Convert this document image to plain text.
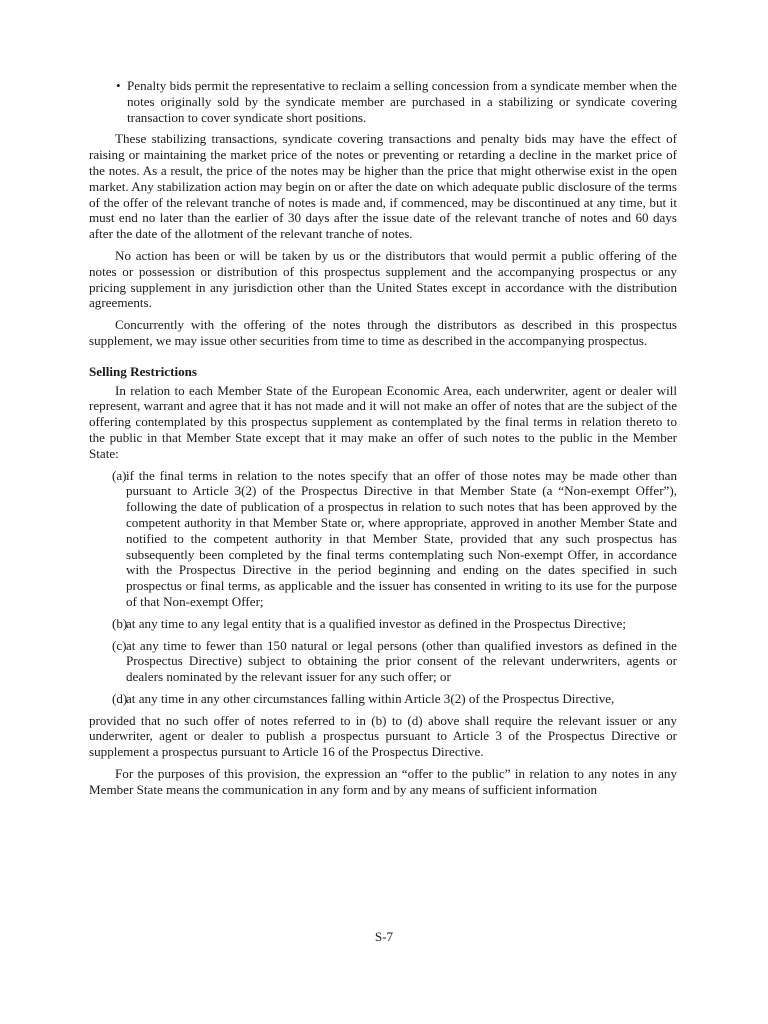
• Penalty bids permit the representative to reclaim a selling concession from a syndicate member when the notes originally sold by the syndicate member are purchased in a stabilizing or syndicate covering transaction to cover syndicate short positions.

These stabilizing transactions, syndicate covering transactions and penalty bids may have the effect of raising or maintaining the market price of the notes or preventing or retarding a decline in the market price of the notes. As a result, the price of the notes may be higher than the price that might otherwise exist in the open market. Any stabilization action may begin on or after the date on which adequate public disclosure of the terms of the offer of the relevant tranche of notes is made and, if commenced, may be discontinued at any time, but it must end no later than the earlier of 30 days after the issue date of the relevant tranche of notes and 60 days after the date of the allotment of the relevant tranche of notes.

No action has been or will be taken by us or the distributors that would permit a public offering of the notes or possession or distribution of this prospectus supplement and the accompanying prospectus or any pricing supplement in any jurisdiction other than the United States except in accordance with the distribution agreements.

Concurrently with the offering of the notes through the distributors as described in this prospectus supplement, we may issue other securities from time to time as described in the accompanying prospectus.

Selling Restrictions

In relation to each Member State of the European Economic Area, each underwriter, agent or dealer will represent, warrant and agree that it has not made and it will not make an offer of notes that are the subject of the offering contemplated by this prospectus supplement as contemplated by the final terms in relation thereto to the public in that Member State except that it may make an offer of such notes to the public in the Member State:

(a) if the final terms in relation to the notes specify that an offer of those notes may be made other than pursuant to Article 3(2) of the Prospectus Directive in that Member State (a “Non-exempt Offer”), following the date of publication of a prospectus in relation to such notes that has been approved by the competent authority in that Member State or, where appropriate, approved in another Member State and notified to the competent authority in that Member State, provided that any such prospectus has subsequently been completed by the final terms contemplating such Non-exempt Offer, in accordance with the Prospectus Directive in the period beginning and ending on the dates specified in such prospectus or final terms, as applicable and the issuer has consented in writing to its use for the purpose of that Non-exempt Offer;
(b)
at any time to any legal entity that is a qualified investor as defined in the Prospectus Directive;
(c) at any time to fewer than 150 natural or legal persons (other than qualified investors as defined in the Prospectus Directive) subject to obtaining the prior consent of the relevant underwriters, agents or dealers nominated by the relevant issuer for any such offer; or
(d)
at any time in any other circumstances falling within Article 3(2) of the Prospectus Directive,

provided that no such offer of notes referred to in (b) to (d) above shall require the relevant issuer or any underwriter, agent or dealer to publish a prospectus pursuant to Article 3 of the Prospectus Directive or supplement a prospectus pursuant to Article 16 of the Prospectus Directive.

For the purposes of this provision, the expression an “offer to the public” in relation to any notes in any Member State means the communication in any form and by any means of sufficient information

S-7
